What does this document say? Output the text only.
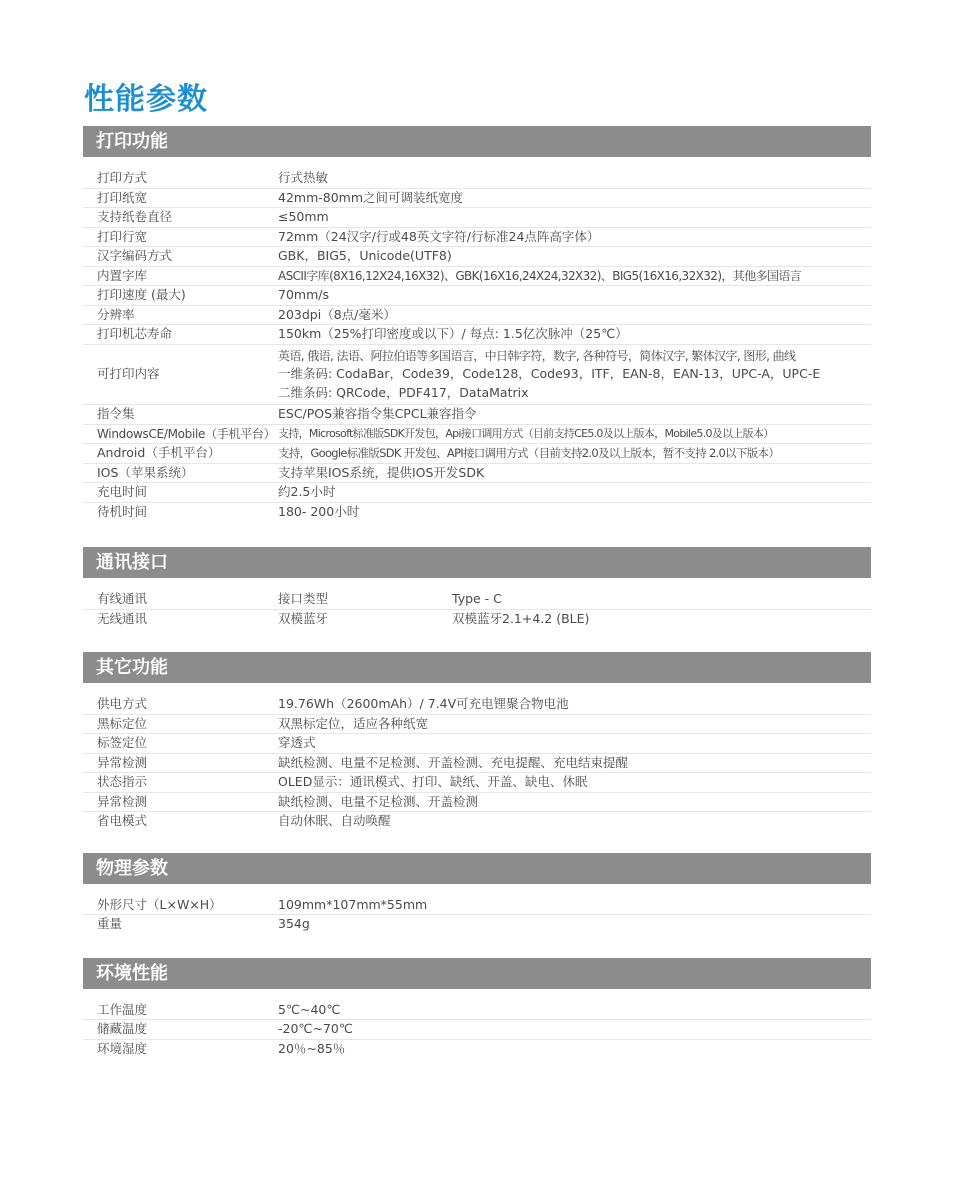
性能参数
打印功能
打印方式	行式热敏
打印纸宽	42mm-80mm之间可调装纸宽度
支持纸卷直径	≤50mm
打印行宽	72mm（24汉字/行或48英文字符/行标准24点阵高字体）
汉字编码方式	GBK，BIG5，Unicode(UTF8)
内置字库	ASCII字库(8X16,12X24,16X32)、GBK(16X16,24X24,32X32)、BIG5(16X16,32X32)，其他多国语言
打印速度 (最大)	70mm/s
分辨率	203dpi（8点/毫米）
打印机芯寿命	150km（25%打印密度或以下）/ 每点: 1.5亿次脉冲（25℃）
可打印内容
英语, 俄语, 法语、阿拉伯语等多国语言，中日韩字符，数字, 各种符号，简体汉字, 繁体汉字, 图形, 曲线
一维条码: CodaBar，Code39，Code128，Code93，ITF，EAN-8，EAN-13，UPC-A，UPC-E
二维条码: QRCode，PDF417，DataMatrix
指令集	ESC/POS兼容指令集CPCL兼容指令
WindowsCE/Mobile（手机平台） 支持，Microsoft标准版SDK开发包，Api接口调用方式（目前支持CE5.0及以上版本，Mobile5.0及以上版本）
Android（手机平台）	支持，Google标准版SDK 开发包、API接口调用方式（目前支持2.0及以上版本，暂不支持 2.0以下版本）
IOS（苹果系统）	支持苹果IOS系统，提供IOS开发SDK
充电时间	约2.5小时
待机时间	180- 200小时
通讯接口
有线通讯	接口类型	Type - C
无线通讯	双模蓝牙	双模蓝牙2.1+4.2 (BLE)
其它功能
供电方式	19.76Wh（2600mAh）/ 7.4V可充电锂聚合物电池
黑标定位	双黑标定位，适应各种纸宽
标签定位	穿透式
异常检测	缺纸检测、电量不足检测、开盖检测、充电提醒、充电结束提醒
状态指示	OLED显示：通讯模式、打印、缺纸、开盖、缺电、休眠
异常检测	缺纸检测、电量不足检测、开盖检测
省电模式	自动休眠、自动唤醒
物理参数
外形尺寸（L×W×H）	109mm*107mm*55mm
重量	354g
环境性能
工作温度	5℃~40℃
储藏温度	-20℃~70℃
环境湿度	20％~85％
